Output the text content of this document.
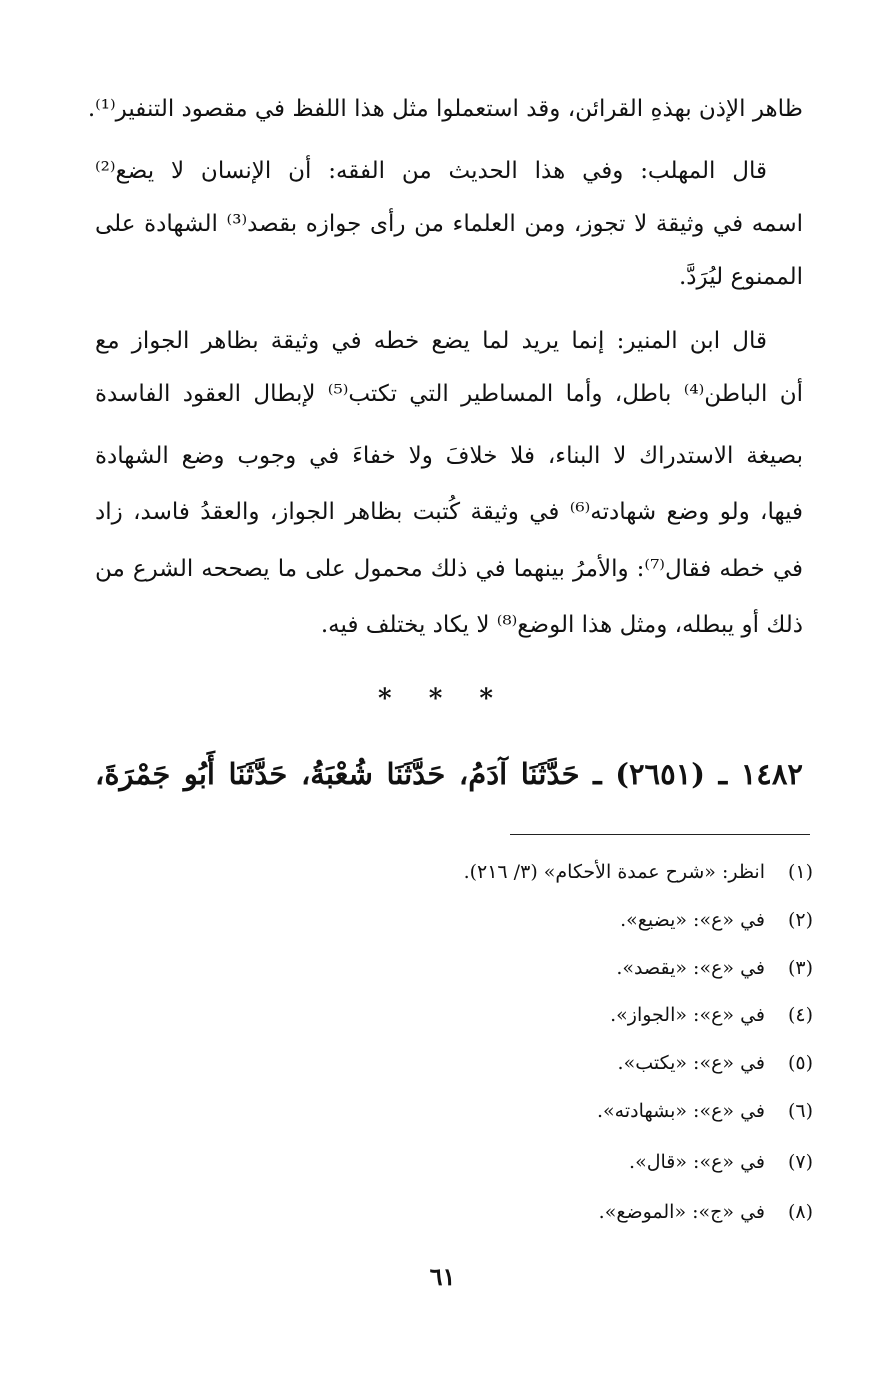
ظاهر الإذن بهذهِ القرائن، وقد استعملوا مثل هذا اللفظ في مقصود التنفير⁽¹⁾.
قال المهلب: وفي هذا الحديث من الفقه: أن الإنسان لا يضع⁽²⁾
اسمه في وثيقة لا تجوز، ومن العلماء من رأى جوازه بقصد⁽³⁾ الشهادة على
الممنوع ليُرَدَّ.
قال ابن المنير: إنما يريد لما يضع خطه في وثيقة بظاهر الجواز مع
أن الباطن⁽⁴⁾ باطل، وأما المساطير التي تكتب⁽⁵⁾ لإبطال العقود الفاسدة
بصيغة الاستدراك لا البناء، فلا خلافَ ولا خفاءَ في وجوب وضع الشهادة
فيها، ولو وضع شهادته⁽⁶⁾ في وثيقة كُتبت بظاهر الجواز، والعقدُ فاسد، زاد
في خطه فقال⁽⁷⁾: والأمرُ بينهما في ذلك محمول على ما يصححه الشرع من
ذلك أو يبطله، ومثل هذا الوضع⁽⁸⁾ لا يكاد يختلف فيه.
* * *
١٤٨٢ ـ (٢٦٥١) ـ حَدَّثَنَا آدَمُ، حَدَّثَنَا شُعْبَةُ، حَدَّثَنَا أَبُو جَمْرَةَ،
(١)انظر: «شرح عمدة الأحكام» (٣/ ٢١٦).
(٢)في «ع»: «يضيع».
(٣)في «ع»: «يقصد».
(٤)في «ع»: «الجواز».
(٥)في «ع»: «يكتب».
(٦)في «ع»: «بشهادته».
(٧)في «ع»: «قال».
(٨)في «ج»: «الموضع».
٦١
